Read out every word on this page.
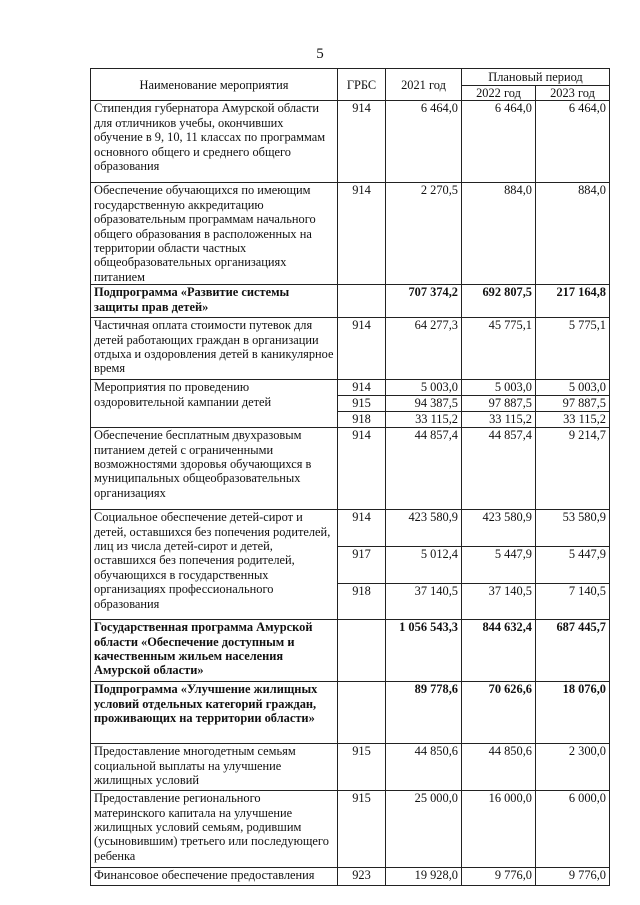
5
Наименование мероприятия	ГРБС	2021 год	Плановый период	
			2022 год	2023 год
Стипендия губернатора Амурской области для отличников учебы, окончивших обучение в 9, 10, 11 классах по программам основного общего и среднего общего образования	914	6 464,0	6 464,0	6 464,0
Обеспечение обучающихся по имеющим государственную аккредитацию образовательным программам начального общего образования в расположенных на территории области частных общеобразовательных организациях питанием	914	2 270,5	884,0	884,0
Подпрограмма «Развитие системы защиты прав детей»		707 374,2	692 807,5	217 164,8
Частичная оплата стоимости путевок для детей работающих граждан в организации отдыха и оздоровления детей в каникулярное время	914	64 277,3	45 775,1	5 775,1
Мероприятия по проведению оздоровительной кампании детей	914	5 003,0	5 003,0	5 003,0
	915	94 387,5	97 887,5	97 887,5
	918	33 115,2	33 115,2	33 115,2
Обеспечение бесплатным двухразовым питанием детей с ограниченными возможностями здоровья обучающихся в муниципальных общеобразовательных организациях	914	44 857,4	44 857,4	9 214,7
Социальное обеспечение детей-сирот и детей, оставшихся без попечения родителей, лиц из числа детей-сирот и детей, оставшихся без попечения родителей, обучающихся в государственных организациях профессионального образования	914	423 580,9	423 580,9	53 580,9
	917	5 012,4	5 447,9	5 447,9
	918	37 140,5	37 140,5	7 140,5
Государственная программа Амурской области «Обеспечение доступным и качественным жильем населения Амурской области»		1 056 543,3	844 632,4	687 445,7
Подпрограмма «Улучшение жилищных условий отдельных категорий граждан, проживающих на территории области»		89 778,6	70 626,6	18 076,0
Предоставление многодетным семьям социальной выплаты на улучшение жилищных условий	915	44 850,6	44 850,6	2 300,0
Предоставление регионального материнского капитала на улучшение жилищных условий семьям, родившим (усыновившим) третьего или последующего ребенка	915	25 000,0	16 000,0	6 000,0
Финансовое обеспечение предоставления	923	19 928,0	9 776,0	9 776,0
